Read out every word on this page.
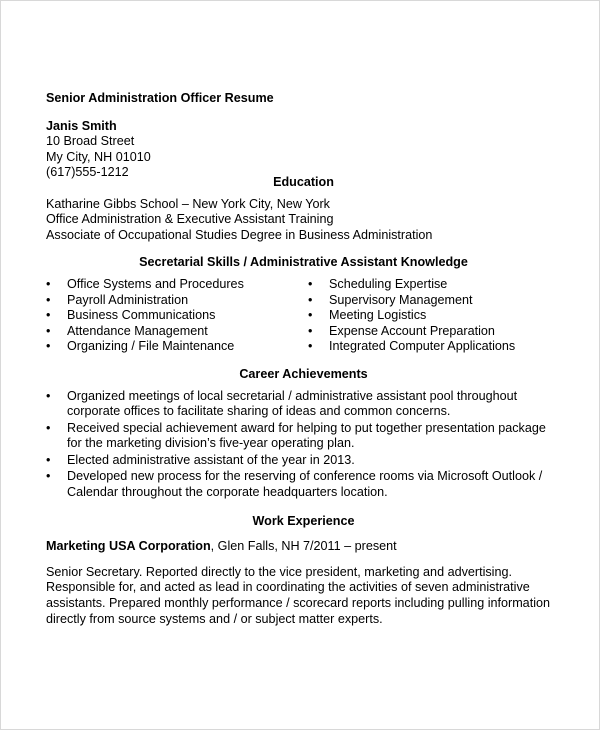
Senior Administration Officer Resume
Janis Smith
10 Broad Street
My City, NH 01010
(617)555-1212
Education
Katharine Gibbs School – New York City, New York
Office Administration & Executive Assistant Training
Associate of Occupational Studies Degree in Business Administration
Secretarial Skills / Administrative Assistant Knowledge
• Office Systems and Procedures
• Payroll Administration
• Business Communications
• Attendance Management
• Organizing / File Maintenance
• Scheduling Expertise
• Supervisory Management
• Meeting Logistics
• Expense Account Preparation
• Integrated Computer Applications
Career Achievements
• Organized meetings of local secretarial / administrative assistant pool throughout corporate offices to facilitate sharing of ideas and common concerns.
• Received special achievement award for helping to put together presentation package for the marketing division’s five-year operating plan.
• Elected administrative assistant of the year in 2013.
• Developed new process for the reserving of conference rooms via Microsoft Outlook / Calendar throughout the corporate headquarters location.
Work Experience
Marketing USA Corporation, Glen Falls, NH 7/2011 – present
Senior Secretary. Reported directly to the vice president, marketing and advertising. Responsible for, and acted as lead in coordinating the activities of seven administrative assistants. Prepared monthly performance / scorecard reports including pulling information directly from source systems and / or subject matter experts.
